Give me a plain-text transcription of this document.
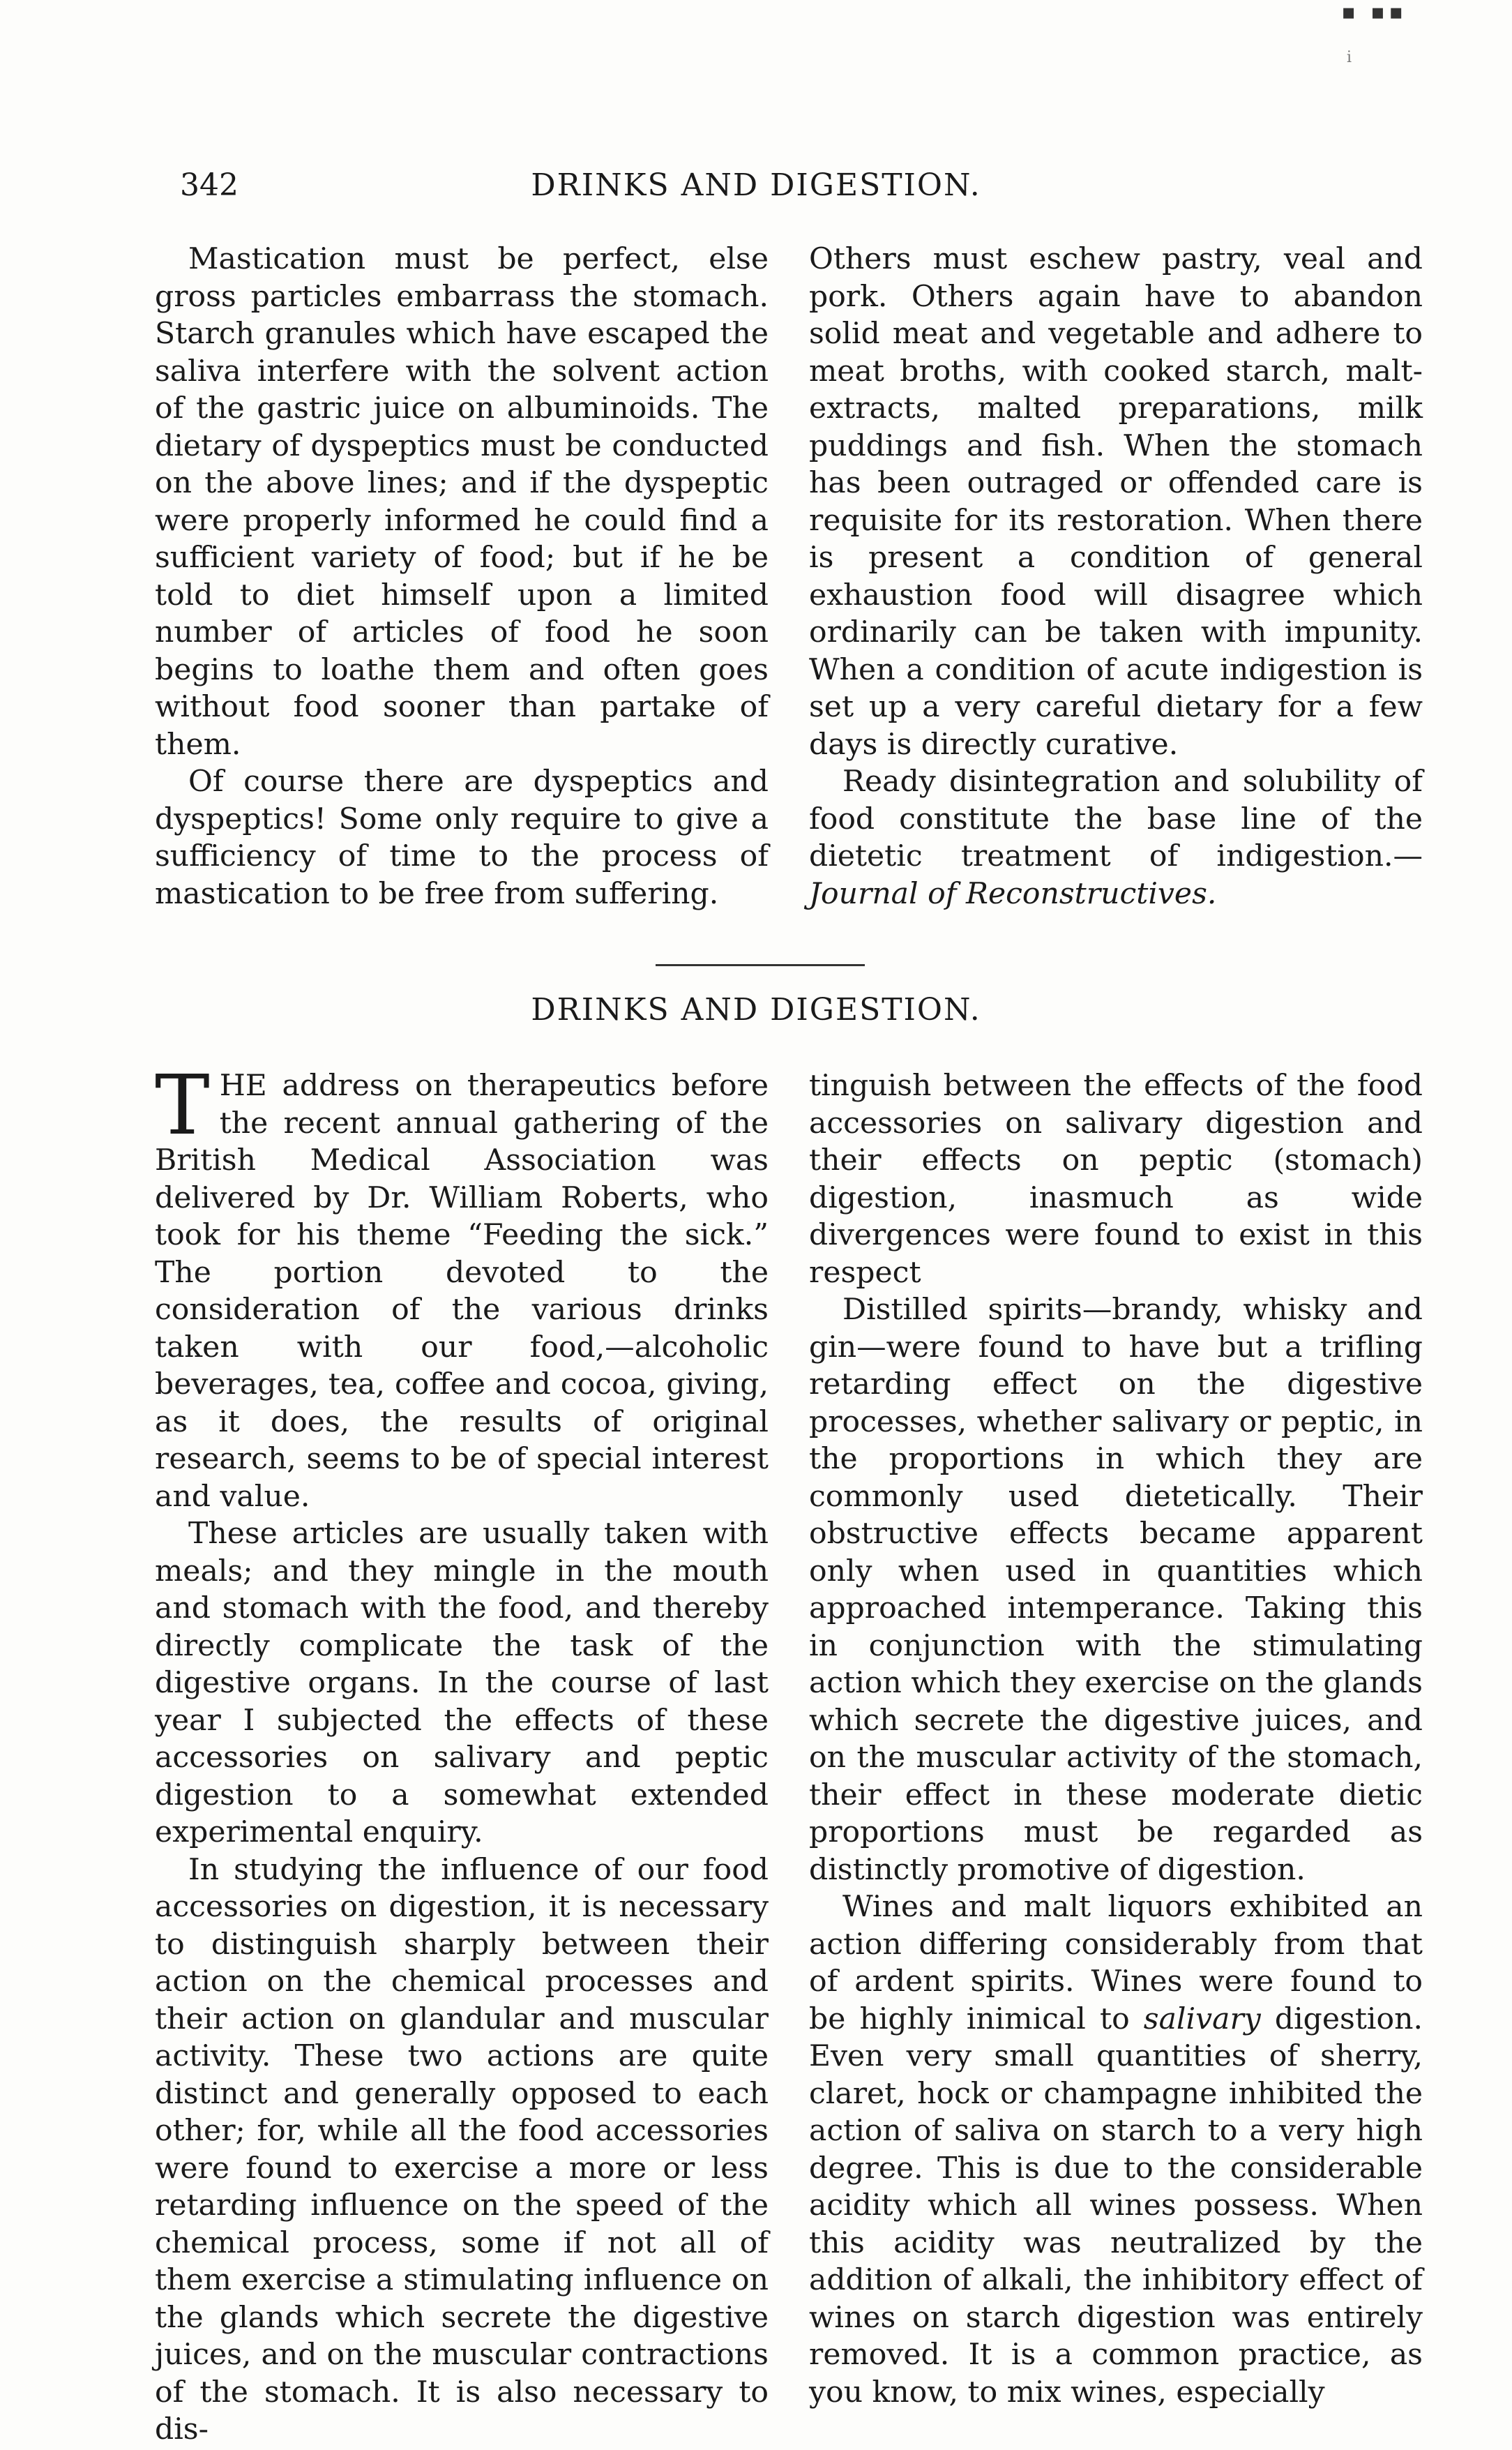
▪ ▪▪
i
342	DRINKS AND DIGESTION.

Mastication must be perfect, else gross particles embarrass the stomach. Starch granules which have escaped the saliva interfere with the solvent action of the gastric juice on albuminoids. The dietary of dyspeptics must be conducted on the above lines; and if the dyspeptic were properly informed he could find a sufficient variety of food; but if he be told to diet himself upon a limited number of articles of food he soon begins to loathe them and often goes without food sooner than partake of them.

Of course there are dyspeptics and dyspeptics! Some only require to give a sufficiency of time to the process of mastication to be free from suffering.

Others must eschew pastry, veal and pork. Others again have to abandon solid meat and vegetable and adhere to meat broths, with cooked starch, malt-extracts, malted preparations, milk puddings and fish. When the stomach has been outraged or offended care is requisite for its restoration. When there is present a condition of general exhaustion food will disagree which ordinarily can be taken with impunity. When a condition of acute indigestion is set up a very careful dietary for a few days is directly curative.

Ready disintegration and solubility of food constitute the base line of the dietetic treatment of indigestion.—Journal of Reconstructives.

DRINKS AND DIGESTION.

THE address on therapeutics before the recent annual gathering of the British Medical Association was delivered by Dr. William Roberts, who took for his theme “Feeding the sick.” The portion devoted to the consideration of the various drinks taken with our food,—alcoholic beverages, tea, coffee and cocoa, giving, as it does, the results of original research, seems to be of special interest and value.

These articles are usually taken with meals; and they mingle in the mouth and stomach with the food, and thereby directly complicate the task of the digestive organs. In the course of last year I subjected the effects of these accessories on salivary and peptic digestion to a somewhat extended experimental enquiry.

In studying the influence of our food accessories on digestion, it is necessary to distinguish sharply between their action on the chemical processes and their action on glandular and muscular activity. These two actions are quite distinct and generally opposed to each other; for, while all the food accessories were found to exercise a more or less retarding influence on the speed of the chemical process, some if not all of them exercise a stimulating influence on the glands which secrete the digestive juices, and on the muscular contractions of the stomach. It is also necessary to dis-

tinguish between the effects of the food accessories on salivary digestion and their effects on peptic (stomach) digestion, inasmuch as wide divergences were found to exist in this respect

Distilled spirits—brandy, whisky and gin—were found to have but a trifling retarding effect on the digestive processes, whether salivary or peptic, in the proportions in which they are commonly used dietetically. Their obstructive effects became apparent only when used in quantities which approached intemperance. Taking this in conjunction with the stimulating action which they exercise on the glands which secrete the digestive juices, and on the muscular activity of the stomach, their effect in these moderate dietic proportions must be regarded as distinctly promotive of digestion.

Wines and malt liquors exhibited an action differing considerably from that of ardent spirits. Wines were found to be highly inimical to salivary digestion. Even very small quantities of sherry, claret, hock or champagne inhibited the action of saliva on starch to a very high degree. This is due to the considerable acidity which all wines possess. When this acidity was neutralized by the addition of alkali, the inhibitory effect of wines on starch digestion was entirely removed. It is a common practice, as you know, to mix wines, especially
